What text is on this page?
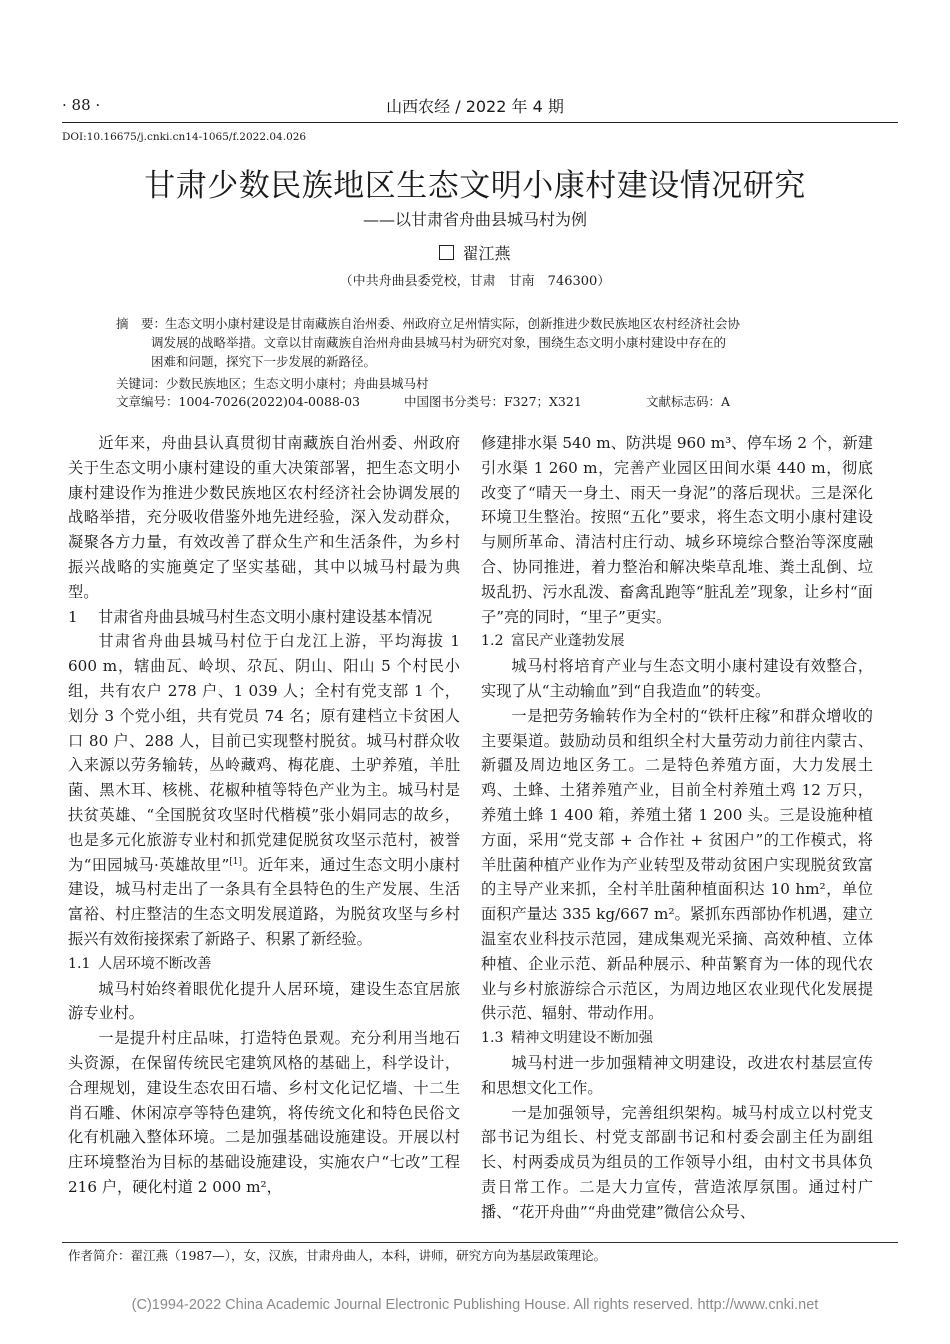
· 88 ·	山西农经 / 2022 年 4 期
DOI:10.16675/j.cnki.cn14-1065/f.2022.04.026
甘肃少数民族地区生态文明小康村建设情况研究
——以甘肃省舟曲县城马村为例
翟江燕
（中共舟曲县委党校，甘肃　甘南　746300）
摘　要：
生态文明小康村建设是甘南藏族自治州委、州政府立足州情实际，创新推进少数民族地区农村经济社会协
调发展的战略举措。文章以甘南藏族自治州舟曲县城马村为研究对象，围绕生态文明小康村建设中存在的
困难和问题，探究下一步发展的新路径。
关键词：少数民族地区；生态文明小康村；舟曲县城马村
文章编号：1004-7026(2022)04-0088-03	中国图书分类号：F327；X321	文献标志码：A

近年来，舟曲县认真贯彻甘南藏族自治州委、州政府关于生态文明小康村建设的重大决策部署，把生态文明小康村建设作为推进少数民族地区农村经济社会协调发展的战略举措，充分吸收借鉴外地先进经验，深入发动群众，凝聚各方力量，有效改善了群众生产和生活条件，为乡村振兴战略的实施奠定了坚实基础，其中以城马村最为典型。

1 甘肃省舟曲县城马村生态文明小康村建设基本情况

甘肃省舟曲县城马村位于白龙江上游，平均海拔 1 600 m，辖曲瓦、岭坝、尕瓦、阴山、阳山 5 个村民小组，共有农户 278 户、1 039 人；全村有党支部 1 个，划分 3 个党小组，共有党员 74 名；原有建档立卡贫困人口 80 户、288 人，目前已实现整村脱贫。城马村群众收入来源以劳务输转，丛岭藏鸡、梅花鹿、土驴养殖，羊肚菌、黑木耳、核桃、花椒种植等特色产业为主。城马村是扶贫英雄、“全国脱贫攻坚时代楷模”张小娟同志的故乡，也是多元化旅游专业村和抓党建促脱贫攻坚示范村，被誉为“田园城马·英雄故里”[1]。近年来，通过生态文明小康村建设，城马村走出了一条具有全县特色的生产发展、生活富裕、村庄整洁的生态文明发展道路，为脱贫攻坚与乡村振兴有效衔接探索了新路子、积累了新经验。

1.1 人居环境不断改善

城马村始终着眼优化提升人居环境，建设生态宜居旅游专业村。

一是提升村庄品味，打造特色景观。充分利用当地石头资源，在保留传统民宅建筑风格的基础上，科学设计，合理规划，建设生态农田石墙、乡村文化记忆墙、十二生肖石雕、休闲凉亭等特色建筑，将传统文化和特色民俗文化有机融入整体环境。二是加强基础设施建设。开展以村庄环境整治为目标的基础设施建设，实施农户“七改”工程 216 户，硬化村道 2 000 m²，

修建排水渠 540 m、防洪堤 960 m³、停车场 2 个，新建引水渠 1 260 m，完善产业园区田间水渠 440 m，彻底改变了“晴天一身土、雨天一身泥”的落后现状。三是深化环境卫生整治。按照“五化”要求，将生态文明小康村建设与厕所革命、清洁村庄行动、城乡环境综合整治等深度融合、协同推进，着力整治和解决柴草乱堆、粪土乱倒、垃圾乱扔、污水乱泼、畜禽乱跑等“脏乱差”现象，让乡村“面子”亮的同时，“里子”更实。

1.2 富民产业蓬勃发展

城马村将培育产业与生态文明小康村建设有效整合，实现了从“主动输血”到“自我造血”的转变。

一是把劳务输转作为全村的“铁杆庄稼”和群众增收的主要渠道。鼓励动员和组织全村大量劳动力前往内蒙古、新疆及周边地区务工。二是特色养殖方面，大力发展土鸡、土蜂、土猪养殖产业，目前全村养殖土鸡 12 万只，养殖土蜂 1 400 箱，养殖土猪 1 200 头。三是设施种植方面，采用“党支部 + 合作社 + 贫困户”的工作模式，将羊肚菌种植产业作为产业转型及带动贫困户实现脱贫致富的主导产业来抓，全村羊肚菌种植面积达 10 hm²，单位面积产量达 335 kg/667 m²。紧抓东西部协作机遇，建立温室农业科技示范园，建成集观光采摘、高效种植、立体种植、企业示范、新品种展示、种苗繁育为一体的现代农业与乡村旅游综合示范区，为周边地区农业现代化发展提供示范、辐射、带动作用。

1.3 精神文明建设不断加强

城马村进一步加强精神文明建设，改进农村基层宣传和思想文化工作。

一是加强领导，完善组织架构。城马村成立以村党支部书记为组长、村党支部副书记和村委会副主任为副组长、村两委成员为组员的工作领导小组，由村文书具体负责日常工作。二是大力宣传，营造浓厚氛围。通过村广播、“花开舟曲”“舟曲党建”微信公众号、

作者简介：翟江燕（1987—），女，汉族，甘肃舟曲人，本科，讲师，研究方向为基层政策理论。
(C)1994-2022 China Academic Journal Electronic Publishing House. All rights reserved. http://www.cnki.net
